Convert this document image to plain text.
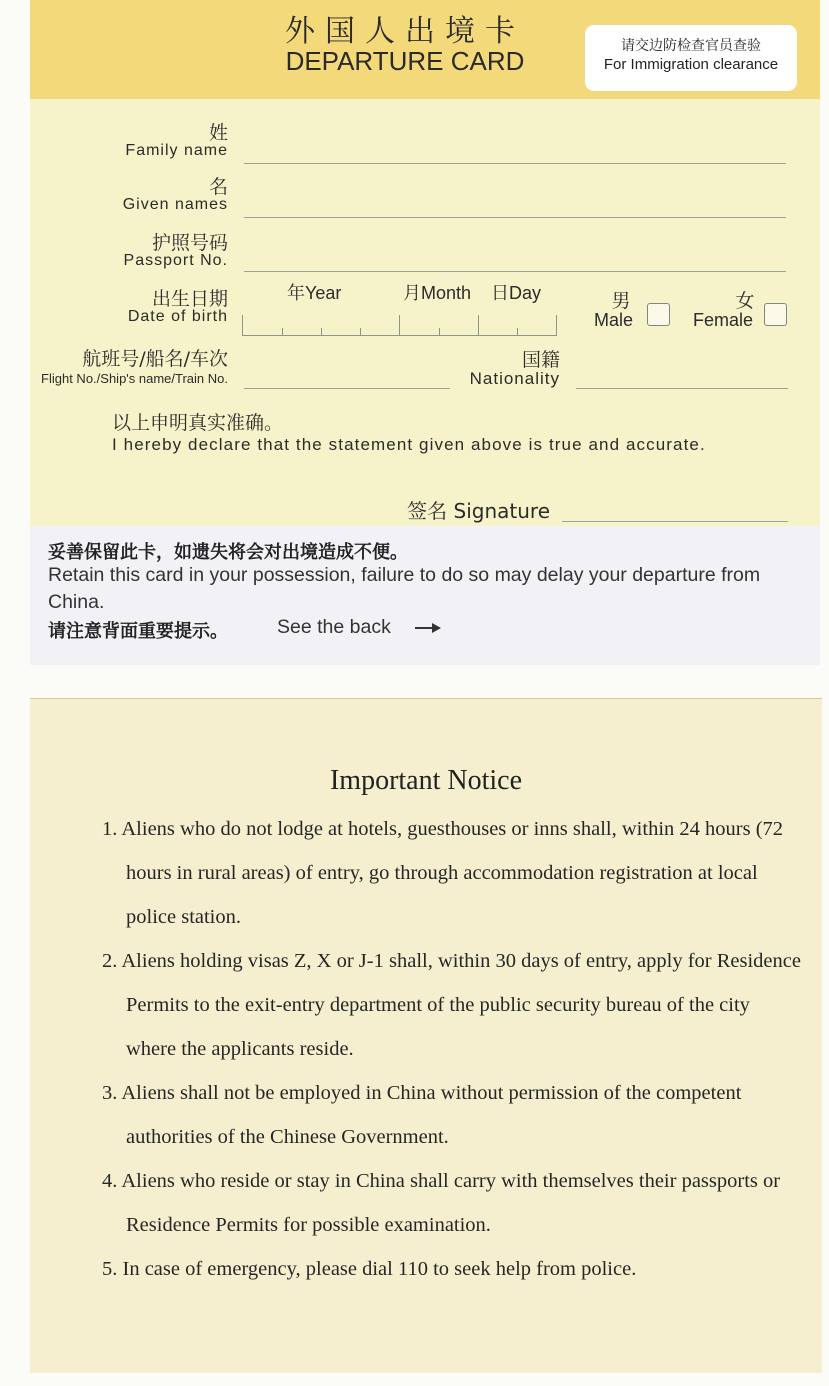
外国人出境卡
DEPARTURE CARD	请交边防检查官员查验
For Immigration clearance
姓
Family name
名
Given names
护照号码
Passport No.
出生日期
Date of birth
年Year	月Month 日Day	男
Male
女
Female
航班号/船名/车次
Flight No./Ship's name/Train No.
国籍
Nationality
以上申明真实准确。
I hereby declare that the statement given above is true and accurate.
签名 Signature
妥善保留此卡，如遗失将会对出境造成不便。
Retain this card in your possession, failure to do so may delay your departure from China.
请注意背面重要提示。	See the back
Important Notice

1. Aliens who do not lodge at hotels, guesthouses or inns shall, within 24 hours (72 hours in rural areas) of entry, go through accommodation registration at local police station.

2. Aliens holding visas Z, X or J-1 shall, within 30 days of entry, apply for Residence Permits to the exit-entry department of the public security bureau of the city where the applicants reside.

3. Aliens shall not be employed in China without permission of the competent authorities of the Chinese Government.

4. Aliens who reside or stay in China shall carry with themselves their passports or Residence Permits for possible examination.

5. In case of emergency, please dial 110 to seek help from police.
